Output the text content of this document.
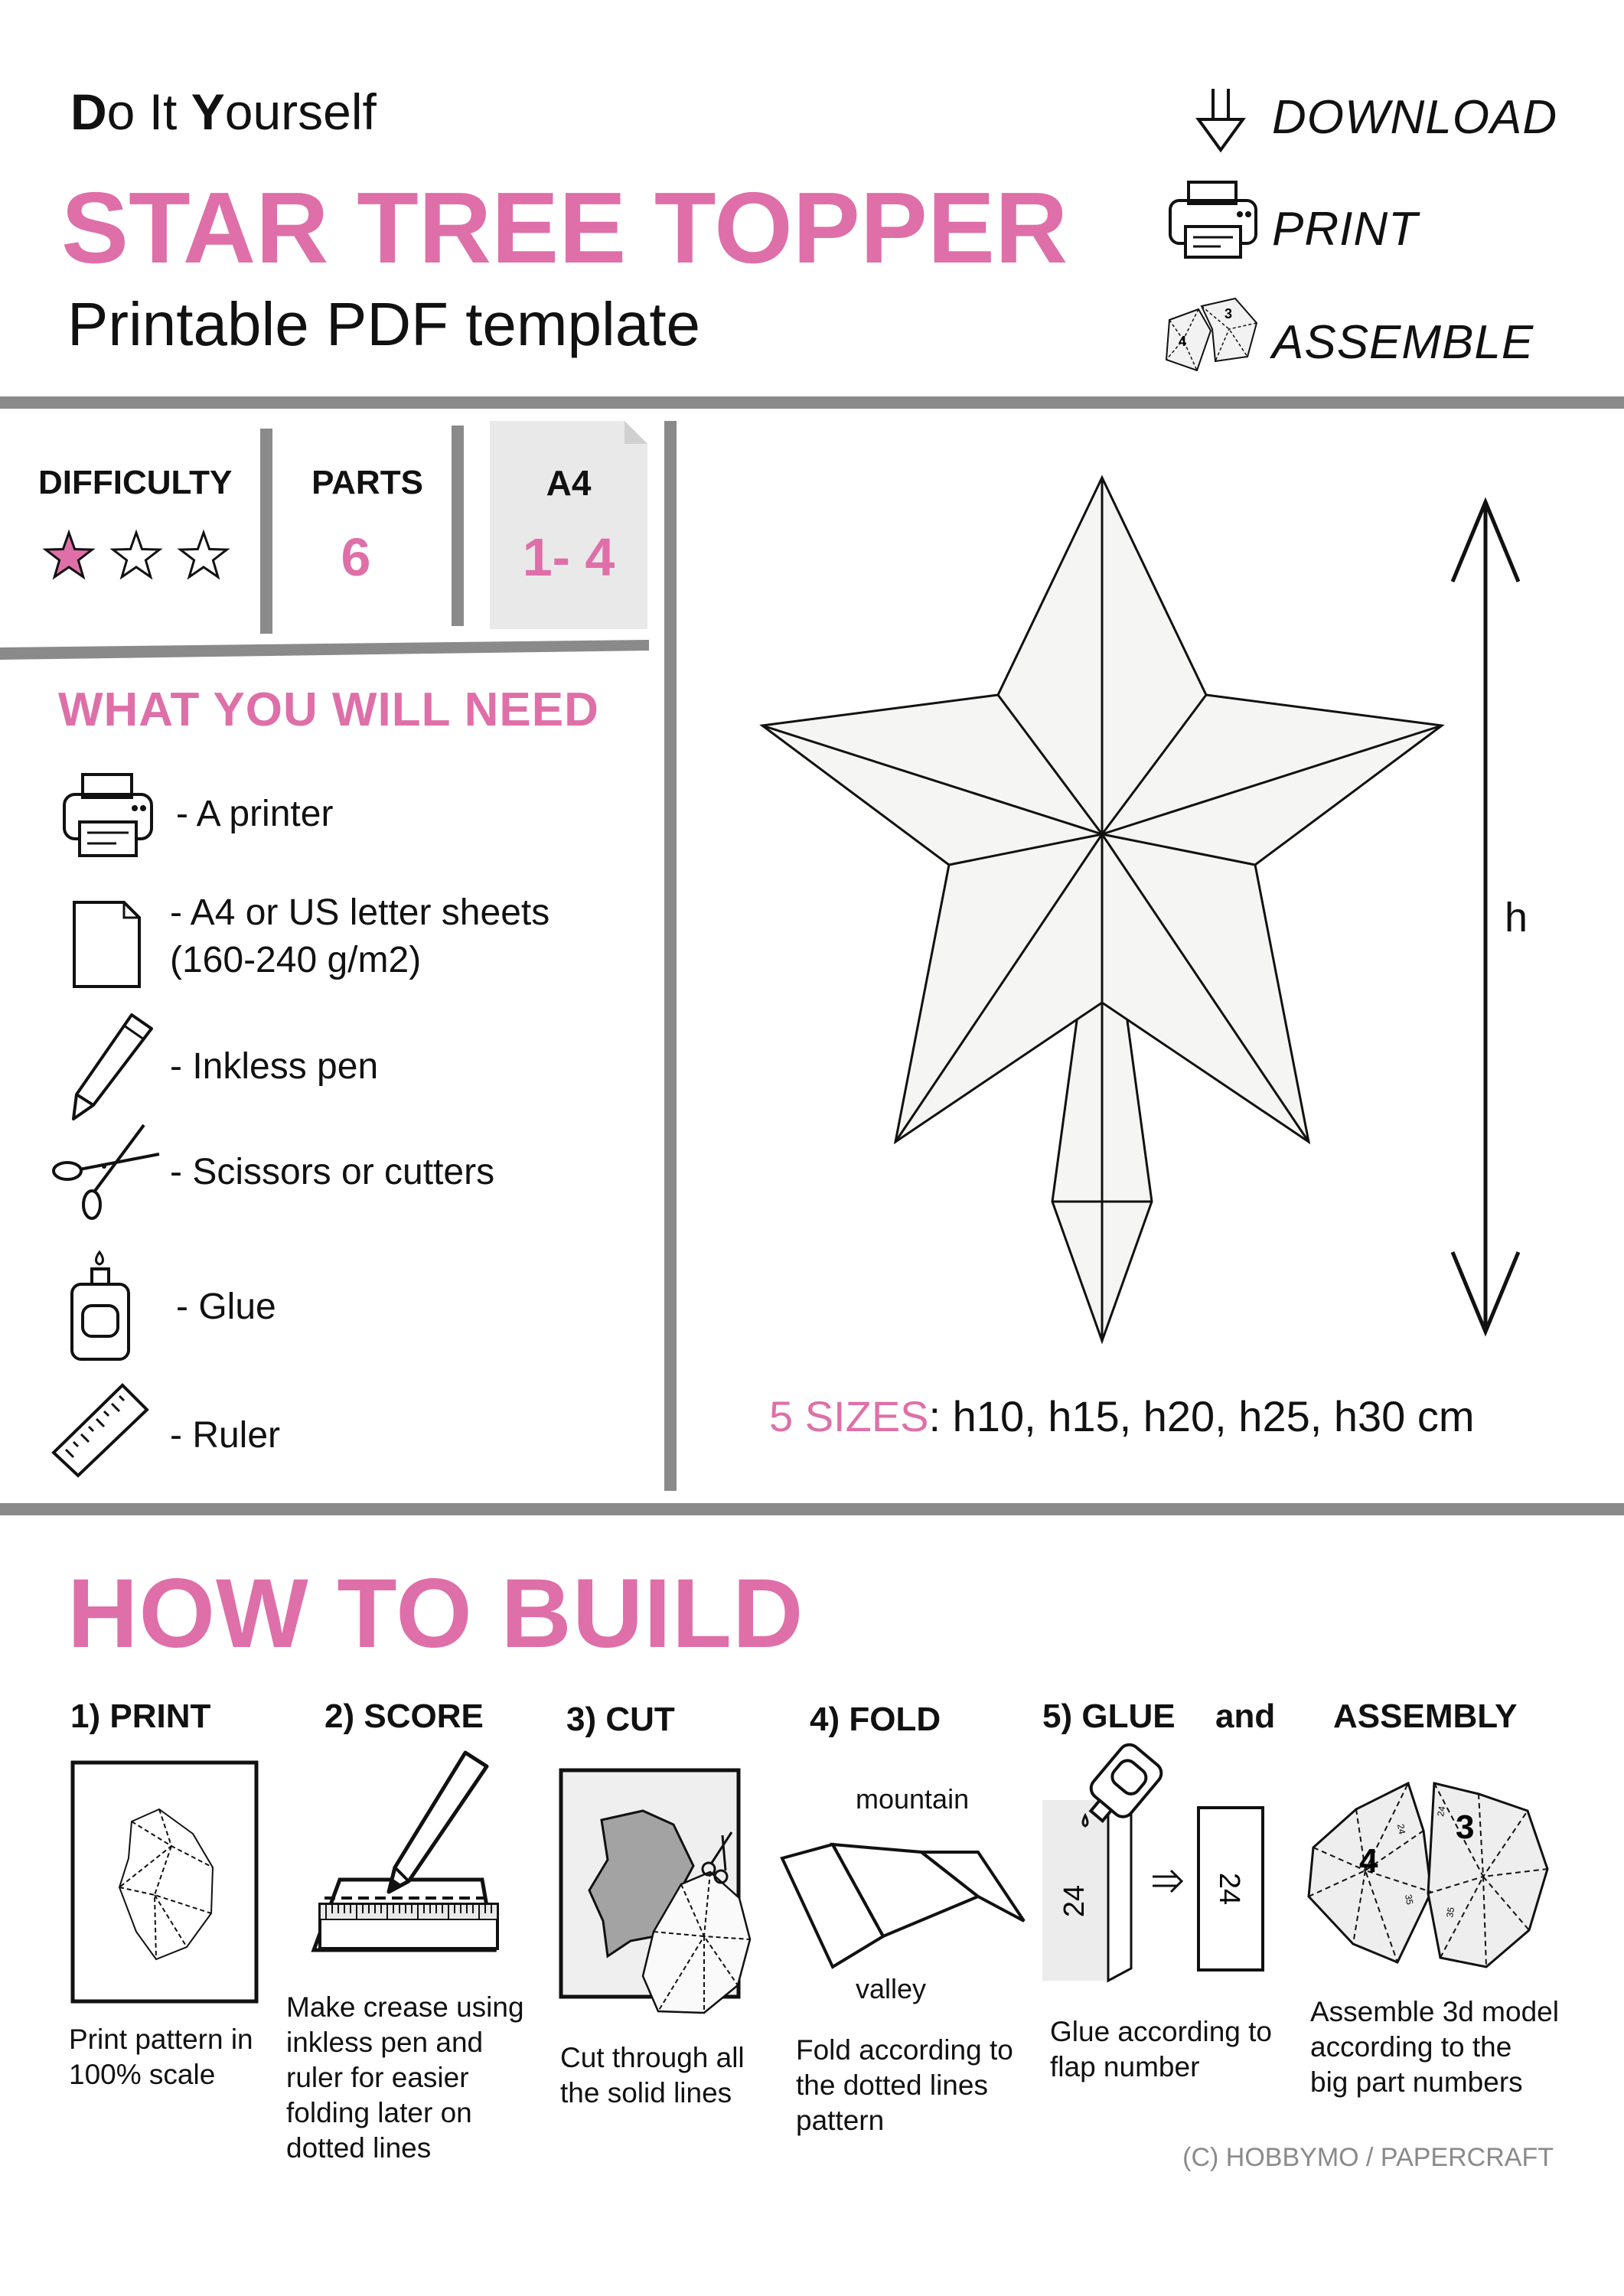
Do It Yourself
STAR TREE TOPPER
Printable PDF template
DOWNLOAD
PRINT
3
4 ASSEMBLE
DIFFICULTY	PARTS
6
A4
1- 4
WHAT YOU WILL NEED
- A printer
- A4 or US letter sheets
(160-240 g/m2)
- Inkless pen
- Scissors or cutters
- Glue
- Ruler
h
5 SIZES: h10, h15, h20, h25, h30 cm
HOW TO BUILD
1) PRINT	2) SCORE 3) CUT	4) FOLD	5) GLUE and ASSEMBLY
Print pattern in
100% scale
Make crease using
inkless pen and
ruler for easier
folding later on
dotted lines
Cut through all
the solid lines
mountain
valley
Fold according to
the dotted lines
pattern
24	24
Glue according to
flap number
4
3
24
24
35
35
Assemble 3d model
according to the
big part numbers
(C) HOBBYMO / PAPERCRAFT
